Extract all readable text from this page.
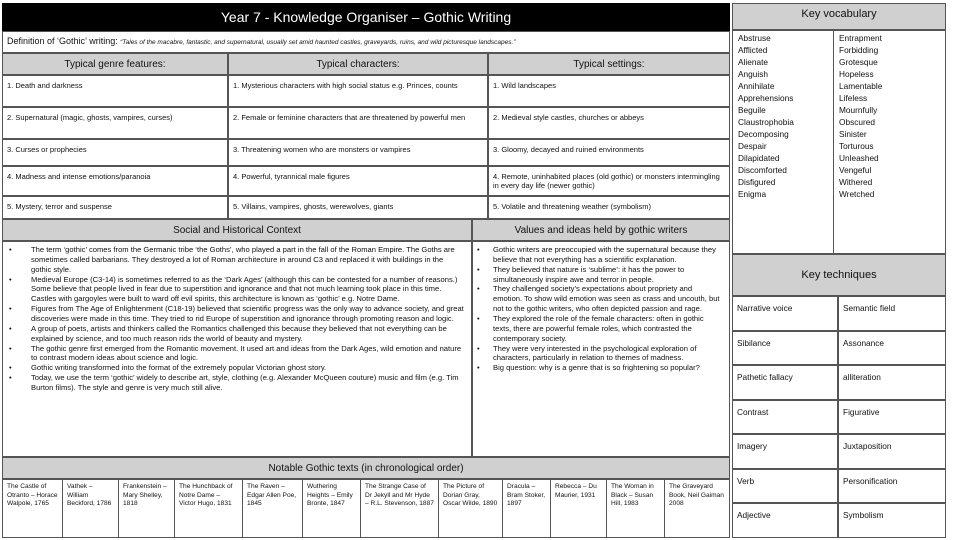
Year 7 - Knowledge Organiser – Gothic Writing
Definition of ‘Gothic’ writing: “Tales of the macabre, fantastic, and supernatural, usually set amid haunted castles, graveyards, ruins, and wild picturesque landscapes.”
Typical genre features:	Typical characters:	Typical settings:
1. Death and darkness	1. Mysterious characters with high social status e.g. Princes, counts	1. Wild landscapes
2. Supernatural (magic, ghosts, vampires, curses)	2. Female or feminine characters that are threatened by powerful men	2. Medieval style castles, churches or abbeys
3. Curses or prophecies	3. Threatening women who are monsters or vampires	3. Gloomy, decayed and ruined environments
4. Madness and intense emotions/paranoia	4. Powerful, tyrannical male figures	4. Remote, uninhabited places (old gothic) or monsters intermingling in every day life (newer gothic)
5. Mystery, terror and suspense	5. Villains, vampires, ghosts, werewolves, giants	5. Volatile and threatening weather (symbolism)
Social and Historical Context	Values and ideas held by gothic writers
• The term ‘gothic’ comes from the Germanic tribe ‘the Goths’, who played a part in the fall of the Roman Empire. The Goths are sometimes called barbarians. They destroyed a lot of Roman architecture in around C3 and replaced it with buildings in the gothic style.
• Medieval Europe (C3-14) is sometimes referred to as the ‘Dark Ages’ (although this can be contested for a number of reasons.) Some believe that people lived in fear due to superstition and ignorance and that not much learning took place in this time. Castles with gargoyles were built to ward off evil spirits, this architecture is known as ‘gothic’ e.g. Notre Dame.
• Figures from The Age of Enlightenment (C18-19) believed that scientific progress was the only way to advance society, and great discoveries were made in this time. They tried to rid Europe of superstition and ignorance through promoting reason and logic.
• A group of poets, artists and thinkers called the Romantics challenged this because they believed that not everything can be explained by science, and too much reason rids the world of beauty and mystery.
• The gothic genre first emerged from the Romantic movement. It used art and ideas from the Dark Ages, wild emotion and nature to contrast modern ideas about science and logic.
• Gothic writing transformed into the format of the extremely popular Victorian ghost story.
• Today, we use the term ‘gothic’ widely to describe art, style, clothing (e.g. Alexander McQueen couture) music and film (e.g. Tim Burton films). The style and genre is very much still alive.
• Gothic writers are preoccupied with the supernatural because they believe that not everything has a scientific explanation.
• They believed that nature is ‘sublime’: it has the power to simultaneously inspire awe and terror in people.
• They challenged society’s expectations about propriety and emotion. To show wild emotion was seen as crass and uncouth, but not to the gothic writers, who often depicted passion and rage.
• They explored the role of the female characters: often in gothic texts, there are powerful female roles, which contrasted the contemporary society.
• They were very interested in the psychological exploration of characters, particularly in relation to themes of madness.
• Big question: why is a genre that is so frightening so popular?
Notable Gothic texts (in chronological order)
The Castle of Otranto – Horace Walpole, 1765
Vathek – William Beckford, 1786
Frankenstein – Mary Shelley, 1818
The Hunchback of Notre Dame – Victor Hugo, 1831
The Raven – Edgar Allen Poe, 1845
Wuthering Heights – Emily Bronte, 1847
The Strange Case of Dr Jekyll and Mr Hyde – R.L. Stevenson, 1887
The Picture of Dorian Gray, Oscar Wilde, 1890
Dracula – Bram Stoker, 1897
Rebecca – Du Maurier, 1931
The Woman in Black – Susan Hill, 1983
The Graveyard Book, Neil Gaiman 2008
Key vocabulary
Abstruse
Afflicted
Alienate
Anguish
Annihilate
Apprehensions
Beguile
Claustrophobia
Decomposing
Despair
Dilapidated
Discomforted
Disfigured
Enigma
Entrapment
Forbidding
Grotesque
Hopeless
Lamentable
Lifeless
Mournfully
Obscured
Sinister
Torturous
Unleashed
Vengeful
Withered
Wretched
Key techniques
Narrative voice	Semantic field
Sibilance	Assonance
Pathetic fallacy	alliteration
Contrast	Figurative
Imagery	Juxtaposition
Verb	Personification
Adjective	Symbolism
